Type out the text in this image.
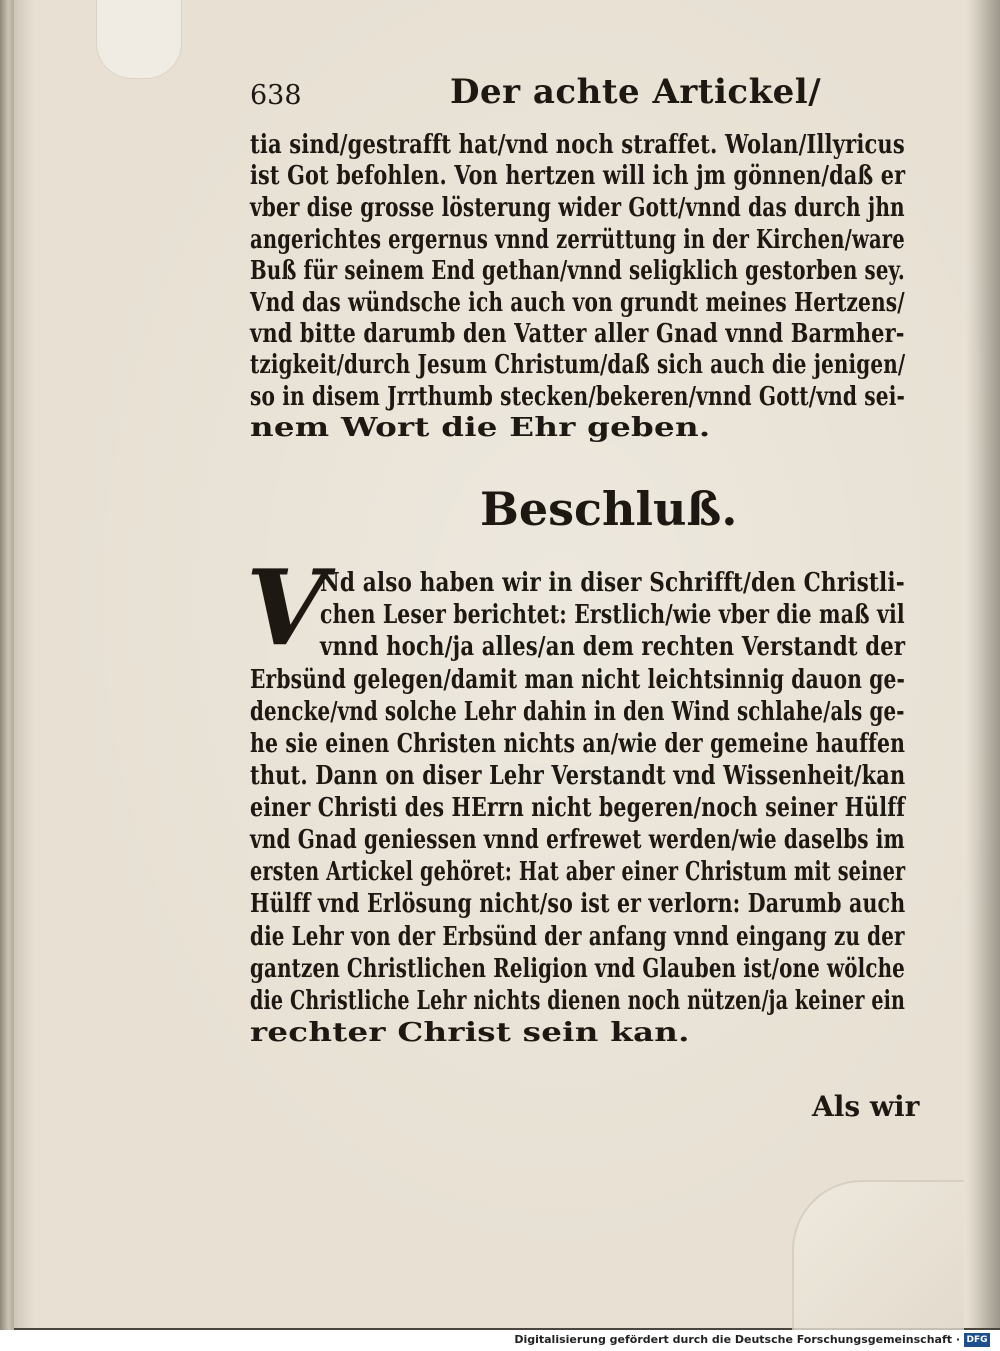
638	Der achte Artickel/
tia sind/gestrafft hat/vnd noch straffet. Wolan/Illyricus
ist Got befohlen. Von hertzen will ich jm gönnen/daß er
vber dise grosse lösterung wider Gott/vnnd das durch jhn
angerichtes ergernus vnnd zerrüttung in der Kirchen/ware
Buß für seinem End gethan/vnnd seligklich gestorben sey.
Vnd das wündsche ich auch von grundt meines Hertzens/
vnd bitte darumb den Vatter aller Gnad vnnd Barmher-
tzigkeit/durch Jesum Christum/daß sich auch die jenigen/
so in disem Jrrthumb stecken/bekeren/vnnd Gott/vnd sei-
nem Wort die Ehr geben.
Beschluß.
V
Nd also haben wir in diser Schrifft/den Christli-
chen Leser berichtet: Erstlich/wie vber die maß vil
vnnd hoch/ja alles/an dem rechten Verstandt der
Erbsünd gelegen/damit man nicht leichtsinnig dauon ge-
dencke/vnd solche Lehr dahin in den Wind schlahe/als ge-
he sie einen Christen nichts an/wie der gemeine hauffen
thut. Dann on diser Lehr Verstandt vnd Wissenheit/kan
einer Christi des HErrn nicht begeren/noch seiner Hülff
vnd Gnad geniessen vnnd erfrewet werden/wie daselbs im
ersten Artickel gehöret: Hat aber einer Christum mit seiner
Hülff vnd Erlösung nicht/so ist er verlorn: Darumb auch
die Lehr von der Erbsünd der anfang vnnd eingang zu der
gantzen Christlichen Religion vnd Glauben ist/one wölche
die Christliche Lehr nichts dienen noch nützen/ja keiner ein
rechter Christ sein kan.
Als wir
Digitalisierung gefördert durch die Deutsche Forschungsgemeinschaft · DFG
